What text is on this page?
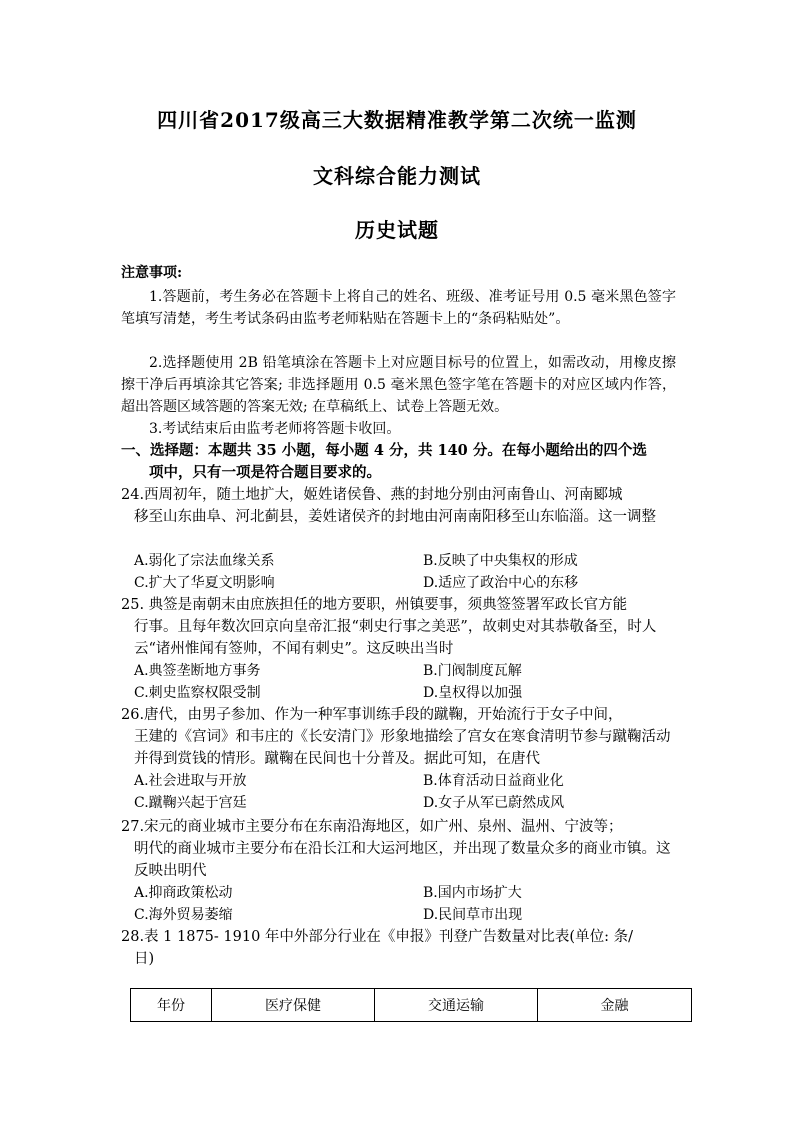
四川省2017级高三大数据精准教学第二次统一监测
文科综合能力测试
历史试题
注意事项:
1.答题前，考生务必在答题卡上将自己的姓名、班级、准考证号用 0.5 毫米黑色签字笔填写清楚，考生考试条码由监考老师粘贴在答题卡上的“条码粘贴处”。
2.选择题使用 2B 铅笔填涂在答题卡上对应题目标号的位置上，如需改动，用橡皮擦擦干净后再填涂其它答案; 非选择题用 0.5 毫米黑色签字笔在答题卡的对应区域内作答，超出答题区域答题的答案无效; 在草稿纸上、试卷上答题无效。
3.考试结束后由监考老师将答题卡收回。
一、选择题：本题共 35 小题，每小题 4 分，共 140 分。在每小题给出的四个选
项中，只有一项是符合题目要求的。
24.西周初年，随土地扩大，姬姓诸侯鲁、燕的封地分别由河南鲁山、河南郾城
移至山东曲阜、河北蓟县，姜姓诸侯齐的封地由河南南阳移至山东临淄。这一调整
A.弱化了宗法血缘关系	B.反映了中央集权的形成
C.扩大了华夏文明影响	D.适应了政治中心的东移
25. 典签是南朝末由庶族担任的地方要职，州镇要事，须典签签署军政长官方能
行事。且每年数次回京向皇帝汇报“刺史行事之美恶”，故刺史对其恭敬备至，时人云“诸州惟闻有签帅，不闻有刺史”。这反映出当时
A.典签垄断地方事务	B.门阀制度瓦解
C.刺史监察权限受制	D.皇权得以加强
26.唐代，由男子参加、作为一种军事训练手段的蹴鞠，开始流行于女子中间，
王建的《宫词》和韦庄的《长安清门》形象地描绘了宫女在寒食清明节参与蹴鞠活动并得到赏钱的情形。蹴鞠在民间也十分普及。据此可知，在唐代
A.社会进取与开放	B.体育活动日益商业化
C.蹴鞠兴起于宫廷	D.女子从军已蔚然成风
27.宋元的商业城市主要分布在东南沿海地区，如广州、泉州、温州、宁波等；
明代的商业城市主要分布在沿长江和大运河地区，并出现了数量众多的商业市镇。这反映出明代
A.抑商政策松动	B.国内市场扩大
C.海外贸易萎缩	D.民间草市出现
28.表 1 1875- 1910 年中外部分行业在《申报》刊登广告数量对比表(单位: 条/
日)
年份	医疗保健	交通运输	金融
